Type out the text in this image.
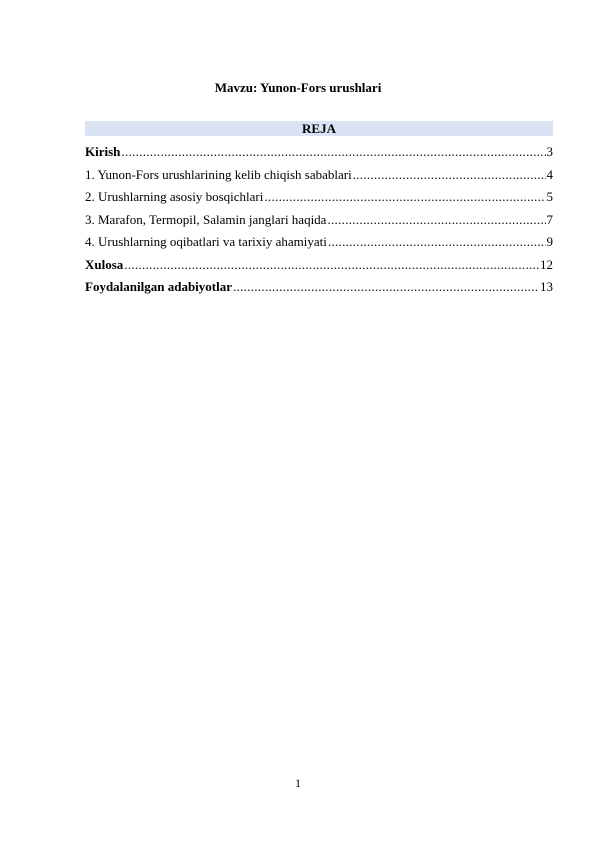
Mavzu: Yunon-Fors urushlari
REJA
Kirish .....	3
1. Yunon-Fors urushlarining kelib chiqish sabablari .....	4
2. Urushlarning asosiy bosqichlari .....	5
3. Marafon, Termopil, Salamin janglari haqida .....	7
4. Urushlarning oqibatlari va tarixiy ahamiyati .....	9
Xulosa .....	12
Foydalanilgan adabiyotlar .....	13
1
